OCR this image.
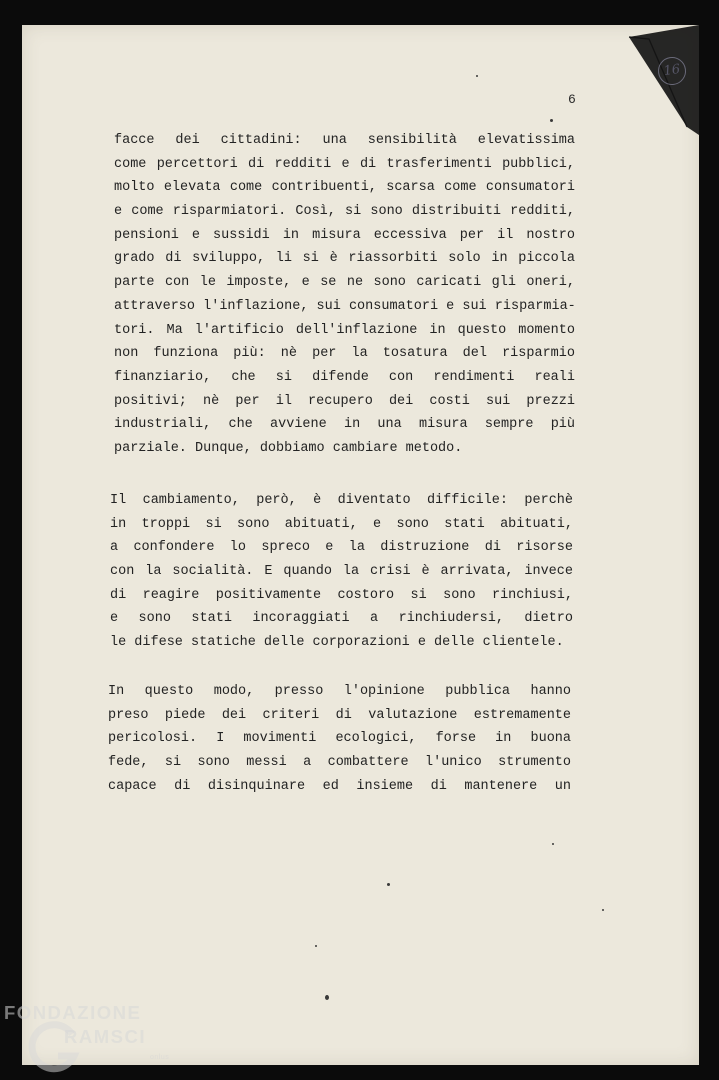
16
6
facce dei cittadini: una sensibilità elevatissima
come percettori di redditi e di trasferimenti pubblici,
molto elevata come contribuenti, scarsa come consumatori
e come risparmiatori. Così, si sono distribuiti redditi,
pensioni e sussidi in misura eccessiva per il nostro
grado di sviluppo, li si è riassorbiti solo in piccola
parte con le imposte, e se ne sono caricati gli oneri,
attraverso l'inflazione, sui consumatori e sui risparmia-
tori. Ma l'artificio dell'inflazione in questo momento
non funziona più: nè per la tosatura del risparmio
finanziario, che si difende con rendimenti reali
positivi; nè per il recupero dei costi sui prezzi
industriali, che avviene in una misura sempre più
parziale. Dunque, dobbiamo cambiare metodo.
Il cambiamento, però, è diventato difficile: perchè
in troppi si sono abituati, e sono stati abituati,
a confondere lo spreco e la distruzione di risorse
con la socialità. E quando la crisi è arrivata, invece
di reagire positivamente costoro si sono rinchiusi,
e sono stati incoraggiati a rinchiudersi, dietro
le difese statiche delle corporazioni e delle clientele.
In questo modo, presso l'opinione pubblica hanno
preso piede dei criteri di valutazione estremamente
pericolosi. I movimenti ecologici, forse in buona
fede, si sono messi a combattere l'unico strumento
capace di disinquinare ed insieme di mantenere un
FONDAZIONE
RAMSCI
onlus
